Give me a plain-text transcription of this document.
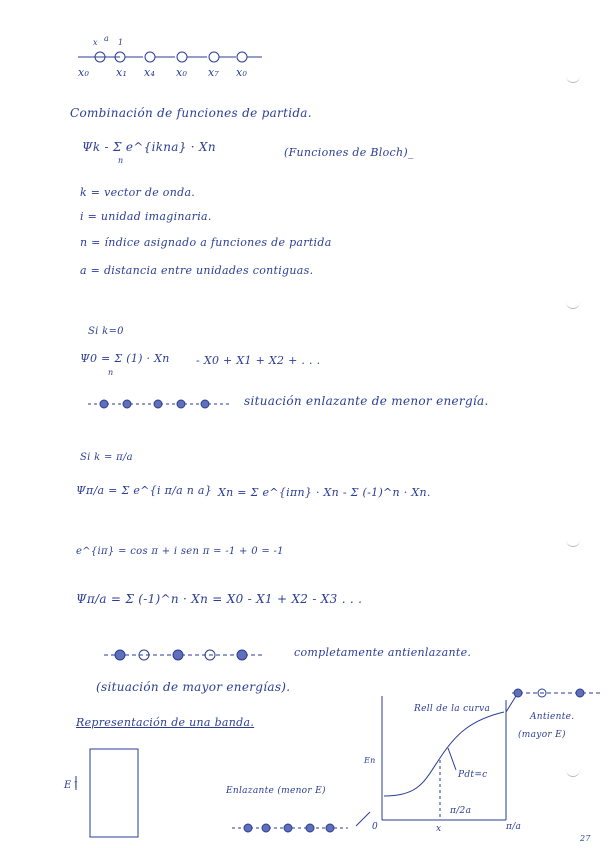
x a 1
x₀ x₁ x₄ x₀ x₇ x₀
Combinación de funciones de partida.
Ψk - Σ e^{ikna} · Xn
n
(Funciones de Bloch)_
k = vector de onda.
i = unidad imaginaria.
n = índice asignado a funciones de partida
a = distancia entre unidades contiguas.
Si k=0
Ψ0 = Σ (1) · Xn
n
- X0 + X1 + X2 + . . .
situación enlazante de menor energía.
Si k = π/a
Ψπ/a = Σ e^{i π/a n a} Xn = Σ e^{iπn} · Xn - Σ (-1)^n · Xn.
e^{iπ} = cos π + i sen π = -1 + 0 = -1
Ψπ/a = Σ (-1)^n · Xn = X0 - X1 + X2 - X3 . . .
completamente antienlazante.
(situación de mayor energías).
Representación de una banda.
E↑
Rell de la curva
Antiente.
(mayor E)
En
Pdt=c
π/2a
0	x	π/a
Enlazante (menor E)
27
